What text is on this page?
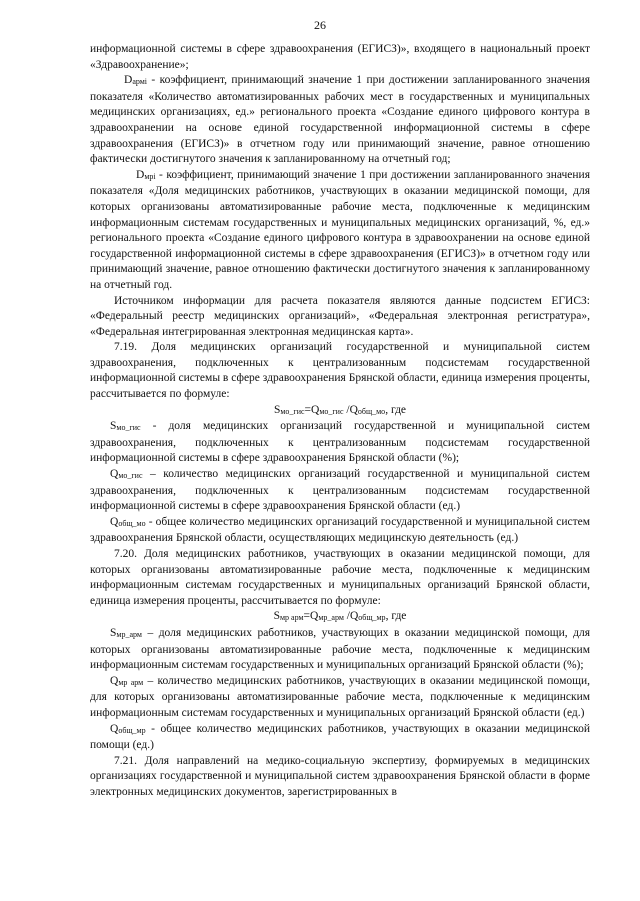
26

информационной системы в сфере здравоохранения (ЕГИСЗ)», входящего в национальный проект «Здравоохранение»;

Dармi - коэффициент, принимающий значение 1 при достижении запланированного значения показателя «Количество автоматизированных рабочих мест в государственных и муниципальных медицинских организациях, ед.» регионального проекта «Создание единого цифрового контура в здравоохранении на основе единой государственной информационной системы в сфере здравоохранения (ЕГИСЗ)» в отчетном году или принимающий значение, равное отношению фактически достигнутого значения к запланированному на отчетный год;

Dмрi - коэффициент, принимающий значение 1 при достижении запланированного значения показателя «Доля медицинских работников, участвующих в оказании медицинской помощи, для которых организованы автоматизированные рабочие места, подключенные к медицинским информационным системам государственных и муниципальных медицинских организаций, %, ед.» регионального проекта «Создание единого цифрового контура в здравоохранении на основе единой государственной информационной системы в сфере здравоохранения (ЕГИСЗ)» в отчетном году или принимающий значение, равное отношению фактически достигнутого значения к запланированному на отчетный год.

Источником информации для расчета показателя являются данные подсистем ЕГИСЗ: «Федеральный реестр медицинских организаций», «Федеральная электронная регистратура», «Федеральная интегрированная электронная медицинская карта».

7.19. Доля медицинских организаций государственной и муниципальной систем здравоохранения, подключенных к централизованным подсистемам государственной информационной системы в сфере здравоохранения Брянской области, единица измерения проценты, рассчитывается по формуле:

Sмо_гис=Qмо_гис /Qобщ_мо, где

Sмо_гис - доля медицинских организаций государственной и муниципальной систем здравоохранения, подключенных к централизованным подсистемам государственной информационной системы в сфере здравоохранения Брянской области (%);

Qмо_гис – количество медицинских организаций государственной и муниципальной систем здравоохранения, подключенных к централизованным подсистемам государственной информационной системы в сфере здравоохранения Брянской области (ед.)

Qобщ_мо - общее количество медицинских организаций государственной и муниципальной систем здравоохранения Брянской области, осуществляющих медицинскую деятельность (ед.)

7.20. Доля медицинских работников, участвующих в оказании медицинской помощи, для которых организованы автоматизированные рабочие места, подключенные к медицинским информационным системам государственных и муниципальных организаций Брянской области, единица измерения проценты, рассчитывается по формуле:

Sмр арм=Qмр_арм /Qобщ_мр, где

Sмр_арм – доля медицинских работников, участвующих в оказании медицинской помощи, для которых организованы автоматизированные рабочие места, подключенные к медицинским информационным системам государственных и муниципальных организаций Брянской области (%);

Qмр арм – количество медицинских работников, участвующих в оказании медицинской помощи, для которых организованы автоматизированные рабочие места, подключенные к медицинским информационным системам государственных и муниципальных организаций Брянской области (ед.)

Qобщ_мр - общее количество медицинских работников, участвующих в оказании медицинской помощи (ед.)

7.21. Доля направлений на медико-социальную экспертизу, формируемых в медицинских организациях государственной и муниципальной систем здравоохранения Брянской области в форме электронных медицинских документов, зарегистрированных в
